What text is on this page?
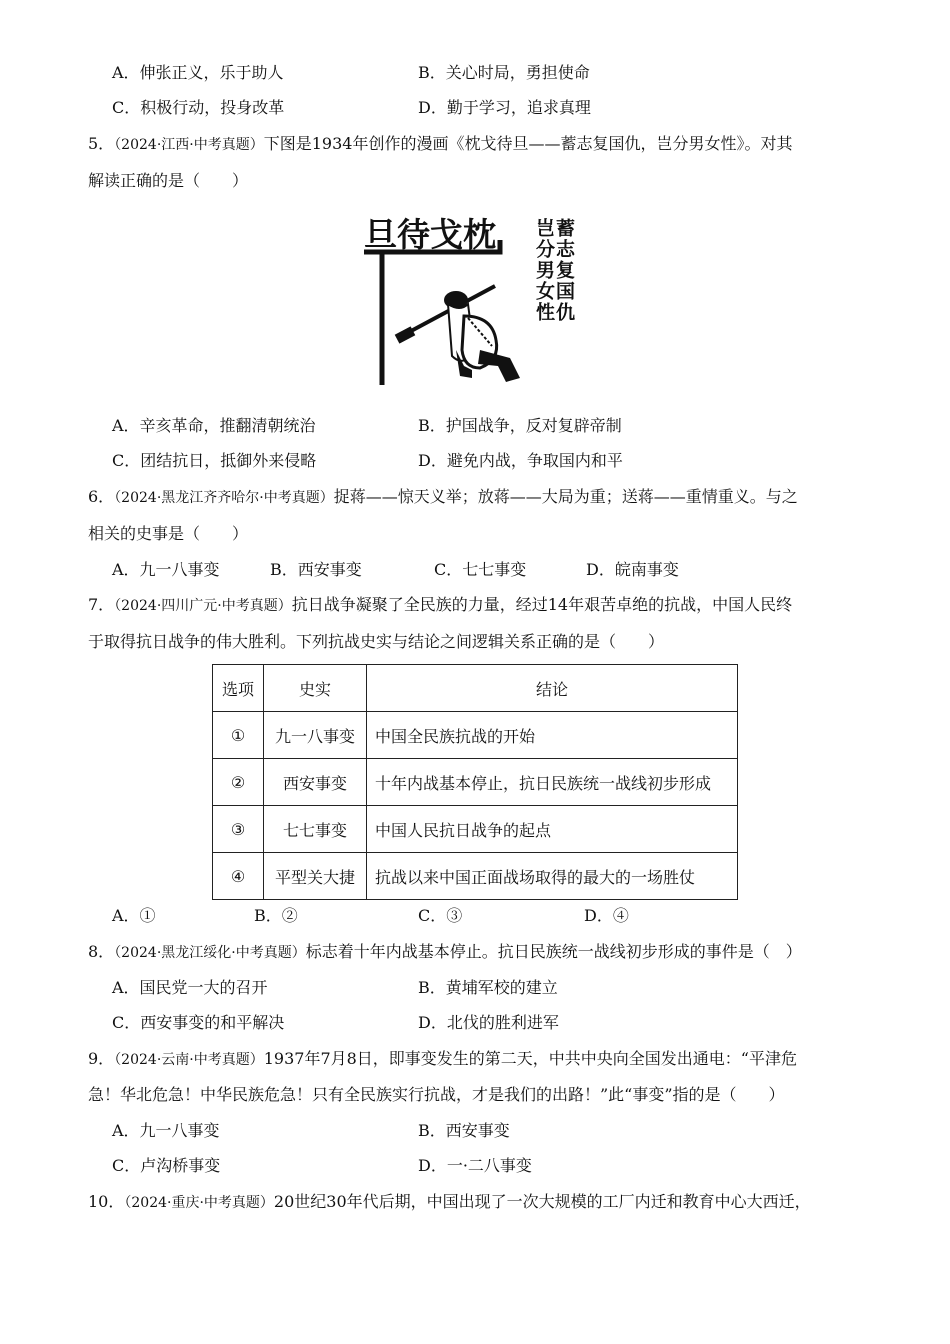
A．伸张正义，乐于助人	B．关心时局，勇担使命
C．积极行动，投身改革	D．勤于学习，追求真理
5．（2024·江西·中考真题）下图是1934年创作的漫画《枕戈待旦——蓄志复国仇，岂分男女性》。对其
解读正确的是（　　）
旦待戈枕	蓄志复国仇
岂分男女性
A．辛亥革命，推翻清朝统治	B．护国战争，反对复辟帝制
C．团结抗日，抵御外来侵略	D．避免内战，争取国内和平
6．（2024·黑龙江齐齐哈尔·中考真题）捉蒋——惊天义举；放蒋——大局为重；送蒋——重情重义。与之
相关的史事是（　　）
A．九一八事变	B．西安事变	C．七七事变	D．皖南事变
7．（2024·四川广元·中考真题）抗日战争凝聚了全民族的力量，经过14年艰苦卓绝的抗战，中国人民终
于取得抗日战争的伟大胜利。下列抗战史实与结论之间逻辑关系正确的是（　　）
选项	史实	结论
①	九一八事变	中国全民族抗战的开始
②	西安事变	十年内战基本停止，抗日民族统一战线初步形成
③	七七事变	中国人民抗日战争的起点
④	平型关大捷	抗战以来中国正面战场取得的最大的一场胜仗
A．①	B．②	C．③	D．④
8．（2024·黑龙江绥化·中考真题）标志着十年内战基本停止。抗日民族统一战线初步形成的事件是（　）
A．国民党一大的召开	B．黄埔军校的建立
C．西安事变的和平解决	D．北伐的胜利进军
9．（2024·云南·中考真题）1937年7月8日，即事变发生的第二天，中共中央向全国发出通电：“平津危
急！华北危急！中华民族危急！只有全民族实行抗战，才是我们的出路！”此“事变”指的是（　　）
A．九一八事变	B．西安事变
C．卢沟桥事变	D．一·二八事变
10．（2024·重庆·中考真题）20世纪30年代后期，中国出现了一次大规模的工厂内迁和教育中心大西迁，
